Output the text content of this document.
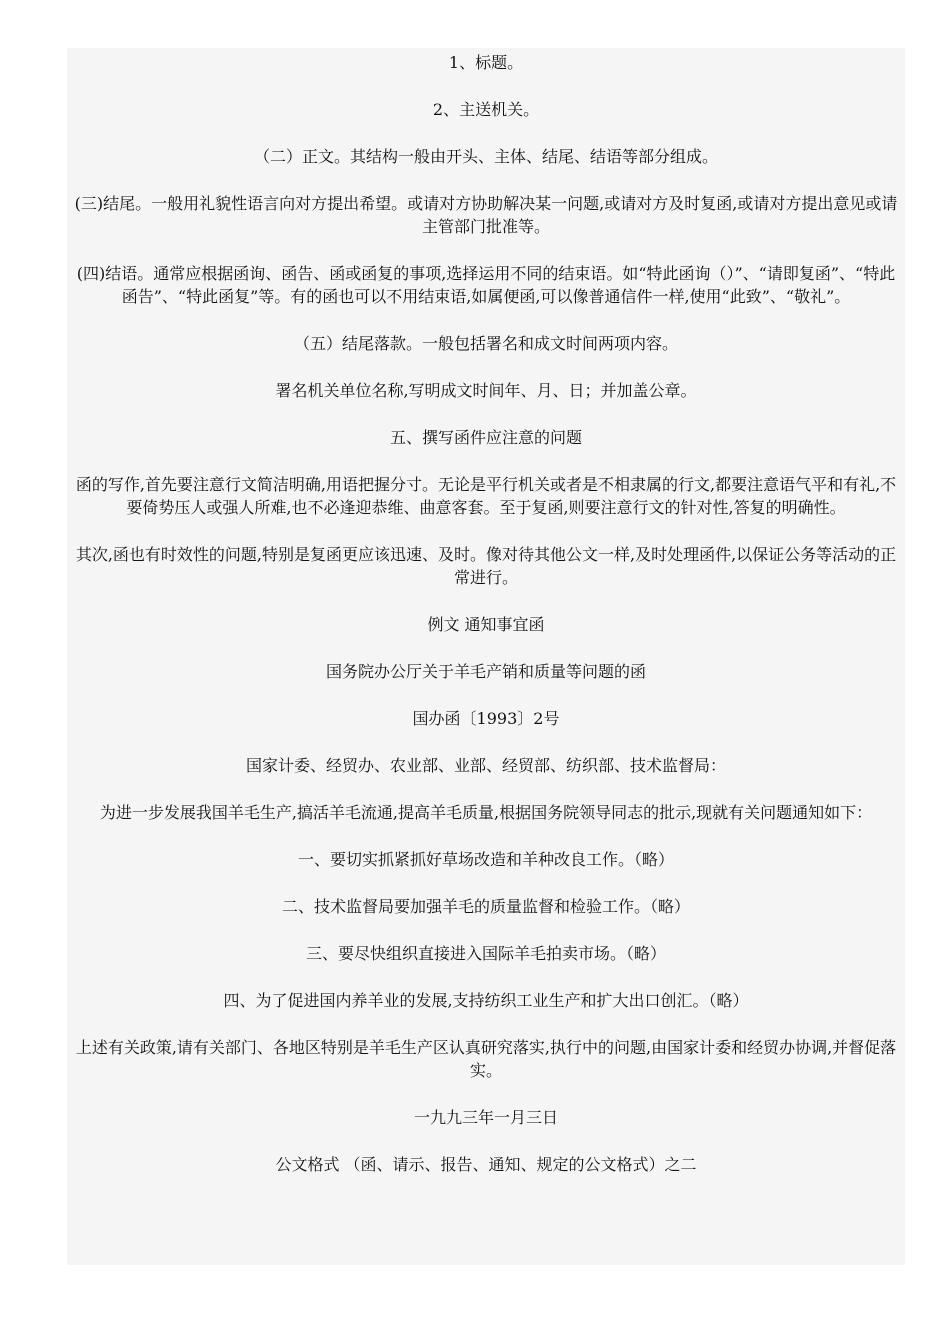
1、标题。

2、主送机关。

（二）正文。其结构一般由开头、主体、结尾、结语等部分组成。

(三)结尾。一般用礼貌性语言向对方提出希望。或请对方协助解决某一问题,或请对方及时复函,或请对方提出意见或请主管部门批准等。

(四)结语。通常应根据函询、函告、函或函复的事项,选择运用不同的结束语。如“特此函询（）”、“请即复函”、“特此函告”、“特此函复”等。有的函也可以不用结束语,如属便函,可以像普通信件一样,使用“此致”、“敬礼”。

（五）结尾落款。一般包括署名和成文时间两项内容。

署名机关单位名称,写明成文时间年、月、日；并加盖公章。

五、撰写函件应注意的问题

函的写作,首先要注意行文简洁明确,用语把握分寸。无论是平行机关或者是不相隶属的行文,都要注意语气平和有礼,不要倚势压人或强人所难,也不必逢迎恭维、曲意客套。至于复函,则要注意行文的针对性,答复的明确性。

其次,函也有时效性的问题,特别是复函更应该迅速、及时。像对待其他公文一样,及时处理函件,以保证公务等活动的正常进行。

例文 通知事宜函

国务院办公厅关于羊毛产销和质量等问题的函

国办函〔1993〕2号

国家计委、经贸办、农业部、业部、经贸部、纺织部、技术监督局：

为进一步发展我国羊毛生产,搞活羊毛流通,提高羊毛质量,根据国务院领导同志的批示,现就有关问题通知如下：

一、要切实抓紧抓好草场改造和羊种改良工作。（略）

二、技术监督局要加强羊毛的质量监督和检验工作。（略）

三、要尽快组织直接进入国际羊毛拍卖市场。（略）

四、为了促进国内养羊业的发展,支持纺织工业生产和扩大出口创汇。（略）

上述有关政策,请有关部门、各地区特别是羊毛生产区认真研究落实,执行中的问题,由国家计委和经贸办协调,并督促落实。

一九九三年一月三日

公文格式 （函、请示、报告、通知、规定的公文格式）之二
